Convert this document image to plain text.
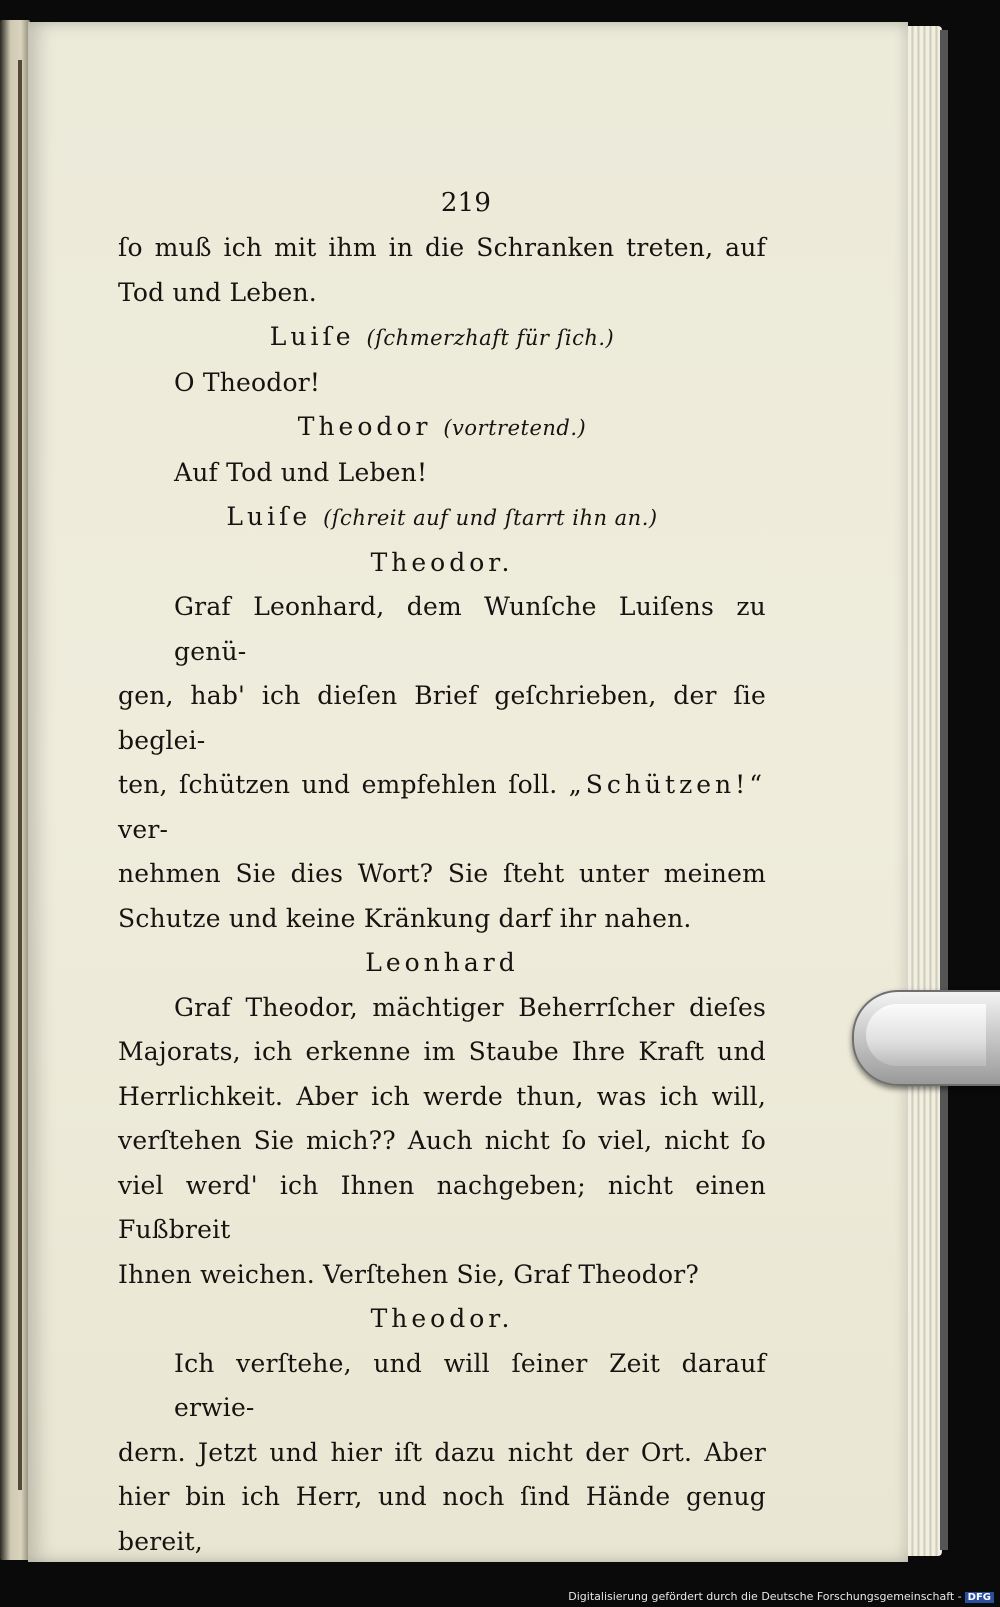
219
ſo muß ich mit ihm in die Schranken treten, auf
Tod und Leben.
Luiſe (ſchmerzhaft für ſich.)
O Theodor!
Theodor (vortretend.)
Auf Tod und Leben!
Luiſe (ſchreit auf und ſtarrt ihn an.)
Theodor.
Graf Leonhard, dem Wunſche Luiſens zu genü-
gen, hab' ich dieſen Brief geſchrieben, der ſie beglei-
ten, ſchützen und empfehlen ſoll. „Schützen!“ ver-
nehmen Sie dies Wort? Sie ſteht unter meinem
Schutze und keine Kränkung darf ihr nahen.
Leonhard
Graf Theodor, mächtiger Beherrſcher dieſes
Majorats, ich erkenne im Staube Ihre Kraft und
Herrlichkeit. Aber ich werde thun, was ich will,
verſtehen Sie mich?? Auch nicht ſo viel, nicht ſo
viel werd' ich Ihnen nachgeben; nicht einen Fußbreit
Ihnen weichen. Verſtehen Sie, Graf Theodor?
Theodor.
Ich verſtehe, und will ſeiner Zeit darauf erwie-
dern. Jetzt und hier iſt dazu nicht der Ort. Aber
hier bin ich Herr, und noch ſind Hände genug bereit,
Digitalisierung gefördert durch die Deutsche Forschungsgemeinschaft - DFG
